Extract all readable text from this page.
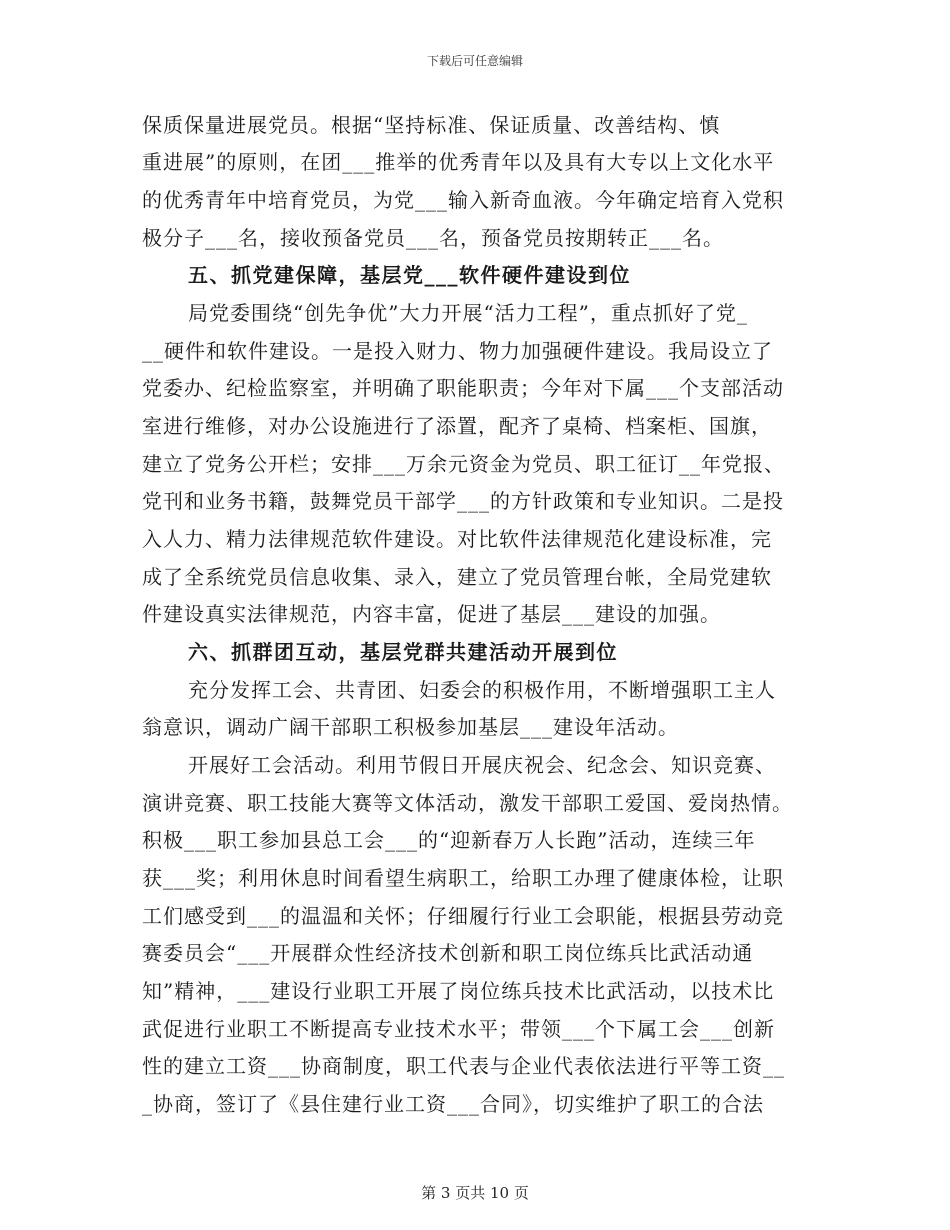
下载后可任意编辑
保质保量进展党员。根据“坚持标准、保证质量、改善结构、慎
重进展”的原则，在团___推举的优秀青年以及具有大专以上文化水平
的优秀青年中培育党员，为党___输入新奇血液。今年确定培育入党积
极分子___名，接收预备党员___名，预备党员按期转正___名。
五、抓党建保障，基层党___软件硬件建设到位
局党委围绕“创先争优”大力开展“活力工程”，重点抓好了党_
__硬件和软件建设。一是投入财力、物力加强硬件建设。我局设立了
党委办、纪检监察室，并明确了职能职责；今年对下属___个支部活动
室进行维修，对办公设施进行了添置，配齐了桌椅、档案柜、国旗，
建立了党务公开栏；安排___万余元资金为党员、职工征订__年党报、
党刊和业务书籍，鼓舞党员干部学___的方针政策和专业知识。二是投
入人力、精力法律规范软件建设。对比软件法律规范化建设标准，完
成了全系统党员信息收集、录入，建立了党员管理台帐，全局党建软
件建设真实法律规范，内容丰富，促进了基层___建设的加强。
六、抓群团互动，基层党群共建活动开展到位
充分发挥工会、共青团、妇委会的积极作用，不断增强职工主人
翁意识，调动广阔干部职工积极参加基层___建设年活动。
开展好工会活动。利用节假日开展庆祝会、纪念会、知识竞赛、
演讲竞赛、职工技能大赛等文体活动，激发干部职工爱国、爱岗热情。
积极___职工参加县总工会___的“迎新春万人长跑”活动，连续三年
获___奖；利用休息时间看望生病职工，给职工办理了健康体检，让职
工们感受到___的温温和关怀；仔细履行行业工会职能，根据县劳动竞
赛委员会“___开展群众性经济技术创新和职工岗位练兵比武活动通
知”精神，___建设行业职工开展了岗位练兵技术比武活动，以技术比
武促进行业职工不断提高专业技术水平；带领___个下属工会___创新
性的建立工资___协商制度，职工代表与企业代表依法进行平等工资__
_协商，签订了《县住建行业工资___合同》，切实维护了职工的合法
第 3 页共 10 页
